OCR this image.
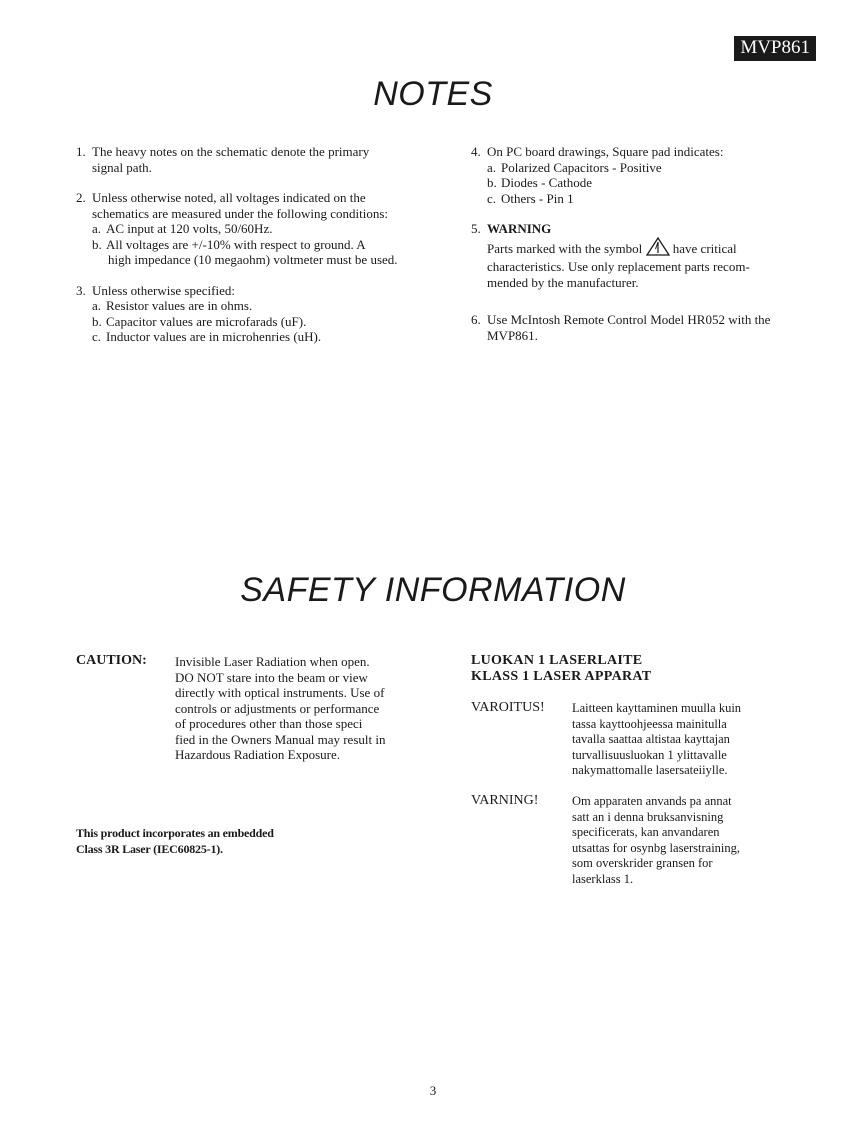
MVP861
NOTES
1. The heavy notes on the schematic denote the primary
signal path.
2. Unless otherwise noted, all voltages indicated on the
schematics are measured under the following conditions:
a. AC input at 120 volts, 50/60Hz.
b. All voltages are +/-10% with respect to ground. A
high impedance (10 megaohm) voltmeter must be used.
3. Unless otherwise specified:
a. Resistor values are in ohms.
b. Capacitor values are microfarads (uF).
c. Inductor values are in microhenries (uH).
4. On PC board drawings, Square pad indicates:
a. Polarized Capacitors - Positive
b. Diodes - Cathode
c. Others - Pin 1
5. WARNING
Parts marked with the symbol have critical
characteristics. Use only replacement parts recom-
mended by the manufacturer.
6. Use McIntosh Remote Control Model HR052 with the
MVP861.
SAFETY INFORMATION
CAUTION: Invisible Laser Radiation when open.
DO NOT stare into the beam or view
directly with optical instruments. Use of
controls or adjustments or performance
of procedures other than those speci
fied in the Owners Manual may result in
Hazardous Radiation Exposure.
This product incorporates an embedded
Class 3R Laser (IEC60825-1).
LUOKAN 1 LASERLAITE
KLASS 1 LASER APPARAT
VAROITUS! Laitteen kayttaminen muulla kuin
tassa kayttoohjeessa mainitulla
tavalla saattaa altistaa kayttajan
turvallisuusluokan 1 ylittavalle
nakymattomalle lasersateiiylle.
VARNING!	Om apparaten anvands pa annat
satt an i denna bruksanvisning
specificerats, kan anvandaren
utsattas for osynbg laserstraining,
som overskrider gransen for
laserklass 1.
3
